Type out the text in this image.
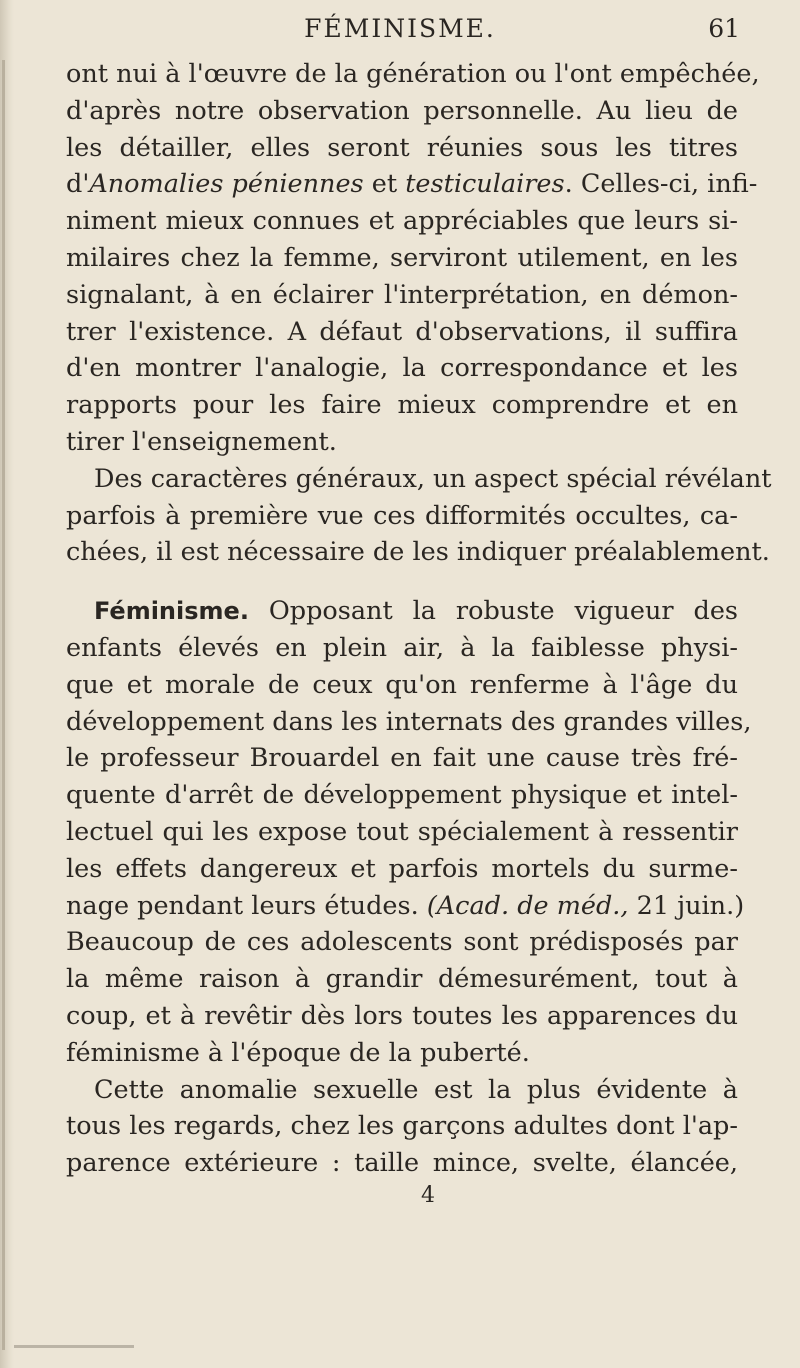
FÉMINISME.	61
ont nui à l'œuvre de la génération ou l'ont empêchée,
d'après notre observation personnelle. Au lieu de
les détailler, elles seront réunies sous les titres
d'Anomalies péniennes et testiculaires. Celles-ci, infi-
niment mieux connues et appréciables que leurs si-
milaires chez la femme, serviront utilement, en les
signalant, à en éclairer l'interprétation, en démon-
trer l'existence. A défaut d'observations, il suffira
d'en montrer l'analogie, la correspondance et les
rapports pour les faire mieux comprendre et en
tirer l'enseignement.
Des caractères généraux, un aspect spécial révélant
parfois à première vue ces difformités occultes, ca-
chées, il est nécessaire de les indiquer préalablement.
Féminisme. Opposant la robuste vigueur des
enfants élevés en plein air, à la faiblesse physi-
que et morale de ceux qu'on renferme à l'âge du
développement dans les internats des grandes villes,
le professeur Brouardel en fait une cause très fré-
quente d'arrêt de développement physique et intel-
lectuel qui les expose tout spécialement à ressentir
les effets dangereux et parfois mortels du surme-
nage pendant leurs études. (Acad. de méd., 21 juin.)
Beaucoup de ces adolescents sont prédisposés par
la même raison à grandir démesurément, tout à
coup, et à revêtir dès lors toutes les apparences du
féminisme à l'époque de la puberté.
Cette anomalie sexuelle est la plus évidente à
tous les regards, chez les garçons adultes dont l'ap-
parence extérieure : taille mince, svelte, élancée,
4
